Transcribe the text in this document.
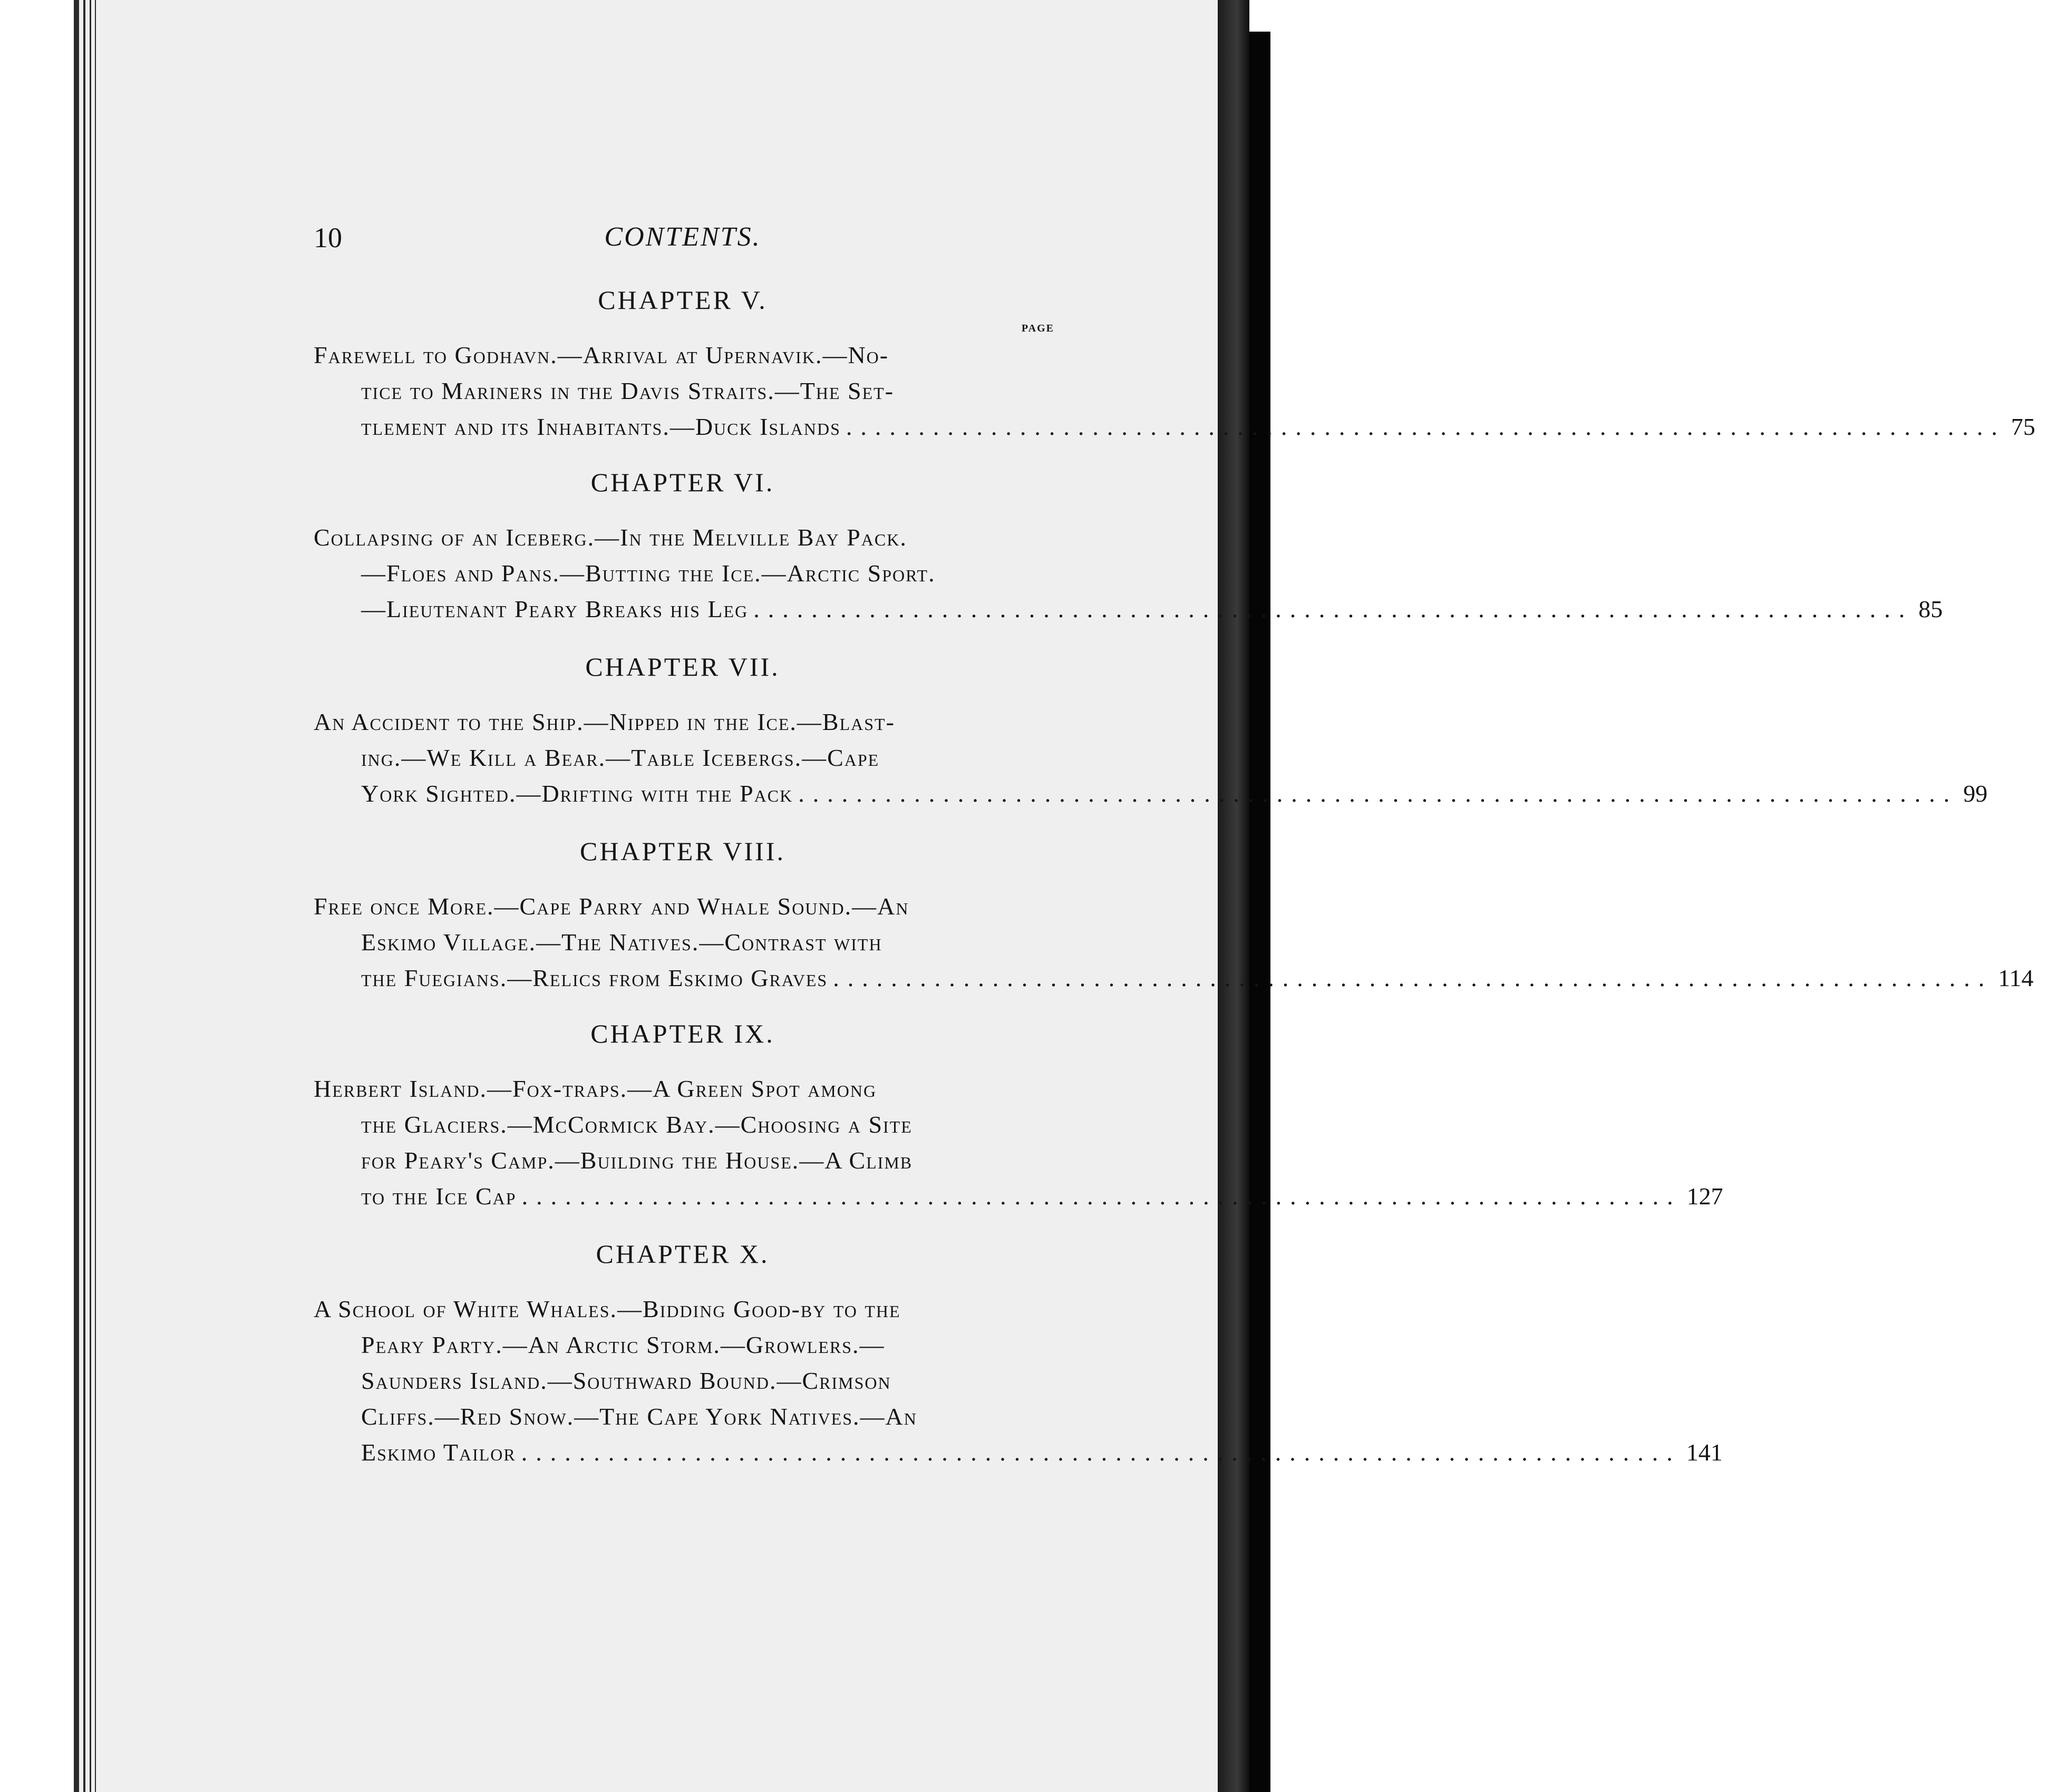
10	CONTENTS.
CHAPTER V.
PAGE
Farewell to Godhavn.—Arrival at Upernavik.—No-
tice to Mariners in the Davis Straits.—The Set-
tlement and its Inhabitants.—Duck Islands ................................................................................ 75
CHAPTER VI.
Collapsing of an Iceberg.—In the Melville Bay Pack.
—Floes and Pans.—Butting the Ice.—Arctic Sport.
—Lieutenant Peary Breaks his Leg ................................................................................ 85
CHAPTER VII.
An Accident to the Ship.—Nipped in the Ice.—Blast-
ing.—We Kill a Bear.—Table Icebergs.—Cape
York Sighted.—Drifting with the Pack ................................................................................ 99
CHAPTER VIII.
Free once More.—Cape Parry and Whale Sound.—An
Eskimo Village.—The Natives.—Contrast with
the Fuegians.—Relics from Eskimo Graves ................................................................................ 114
CHAPTER IX.
Herbert Island.—Fox-traps.—A Green Spot among
the Glaciers.—McCormick Bay.—Choosing a Site
for Peary's Camp.—Building the House.—A Climb
to the Ice Cap ................................................................................ 127
CHAPTER X.
A School of White Whales.—Bidding Good-by to the
Peary Party.—An Arctic Storm.—Growlers.—
Saunders Island.—Southward Bound.—Crimson
Cliffs.—Red Snow.—The Cape York Natives.—An
Eskimo Tailor ................................................................................ 141
